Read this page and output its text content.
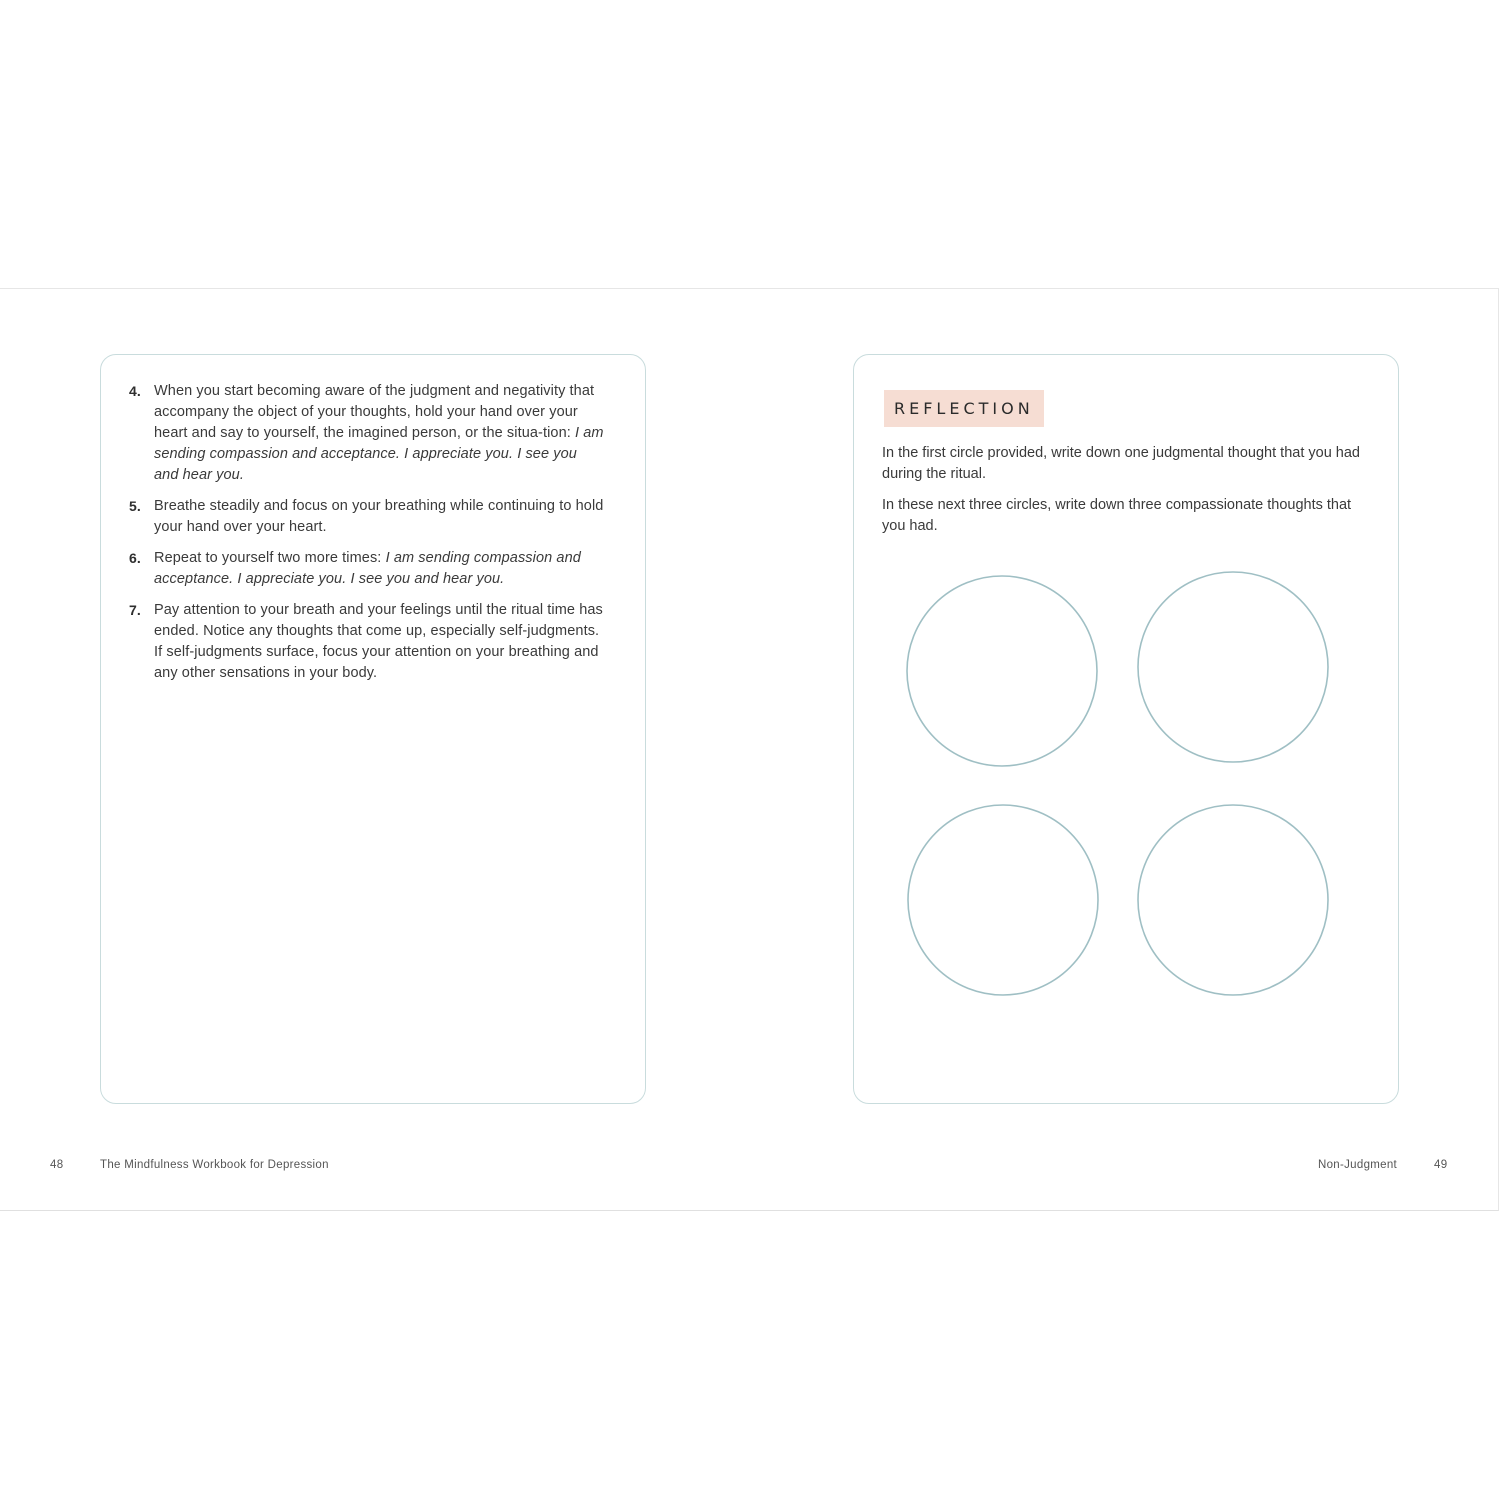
4. When you start becoming aware of the judgment and negativity that accompany the object of your thoughts, hold your hand over your heart and say to yourself, the imagined person, or the situa-tion: I am sending compassion and acceptance. I appreciate you. I see you and hear you.
5. Breathe steadily and focus on your breathing while continuing to hold your hand over your heart.
6. Repeat to yourself two more times: I am sending compassion and acceptance. I appreciate you. I see you and hear you.
7. Pay attention to your breath and your feelings until the ritual time has ended. Notice any thoughts that come up, especially self-judgments. If self-judgments surface, focus your attention on your breathing and any other sensations in your body.
REFLECTION

In the first circle provided, write down one judgmental thought that you had during the ritual.

In these next three circles, write down three compassionate thoughts that you had.

48	The Mindfulness Workbook for Depression	Non-Judgment	49
